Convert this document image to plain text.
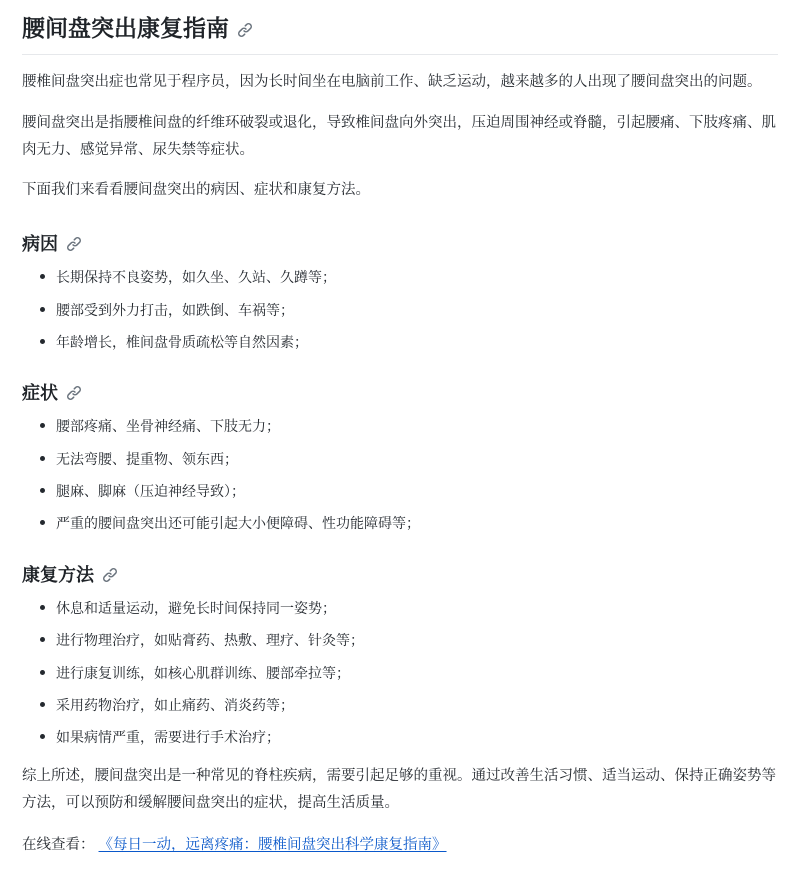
腰间盘突出康复指南

腰椎间盘突出症也常见于程序员，因为长时间坐在电脑前工作、缺乏运动，越来越多的人出现了腰间盘突出的问题。

腰间盘突出是指腰椎间盘的纤维环破裂或退化，导致椎间盘向外突出，压迫周围神经或脊髓，引起腰痛、下肢疼痛、肌肉无力、感觉异常、尿失禁等症状。

下面我们来看看腰间盘突出的病因、症状和康复方法。

病因
长期保持不良姿势，如久坐、久站、久蹲等；
腰部受到外力打击，如跌倒、车祸等；
年龄增长，椎间盘骨质疏松等自然因素；
症状
腰部疼痛、坐骨神经痛、下肢无力；
无法弯腰、提重物、领东西；
腿麻、脚麻（压迫神经导致）；
严重的腰间盘突出还可能引起大小便障碍、性功能障碍等；
康复方法
休息和适量运动，避免长时间保持同一姿势；
进行物理治疗，如贴膏药、热敷、理疗、针灸等；
进行康复训练，如核心肌群训练、腰部牵拉等；
采用药物治疗，如止痛药、消炎药等；
如果病情严重，需要进行手术治疗；

综上所述，腰间盘突出是一种常见的脊柱疾病，需要引起足够的重视。通过改善生活习惯、适当运动、保持正确姿势等方法，可以预防和缓解腰间盘突出的症状，提高生活质量。

在线查看： 《每日一动，远离疼痛：腰椎间盘突出科学康复指南》
